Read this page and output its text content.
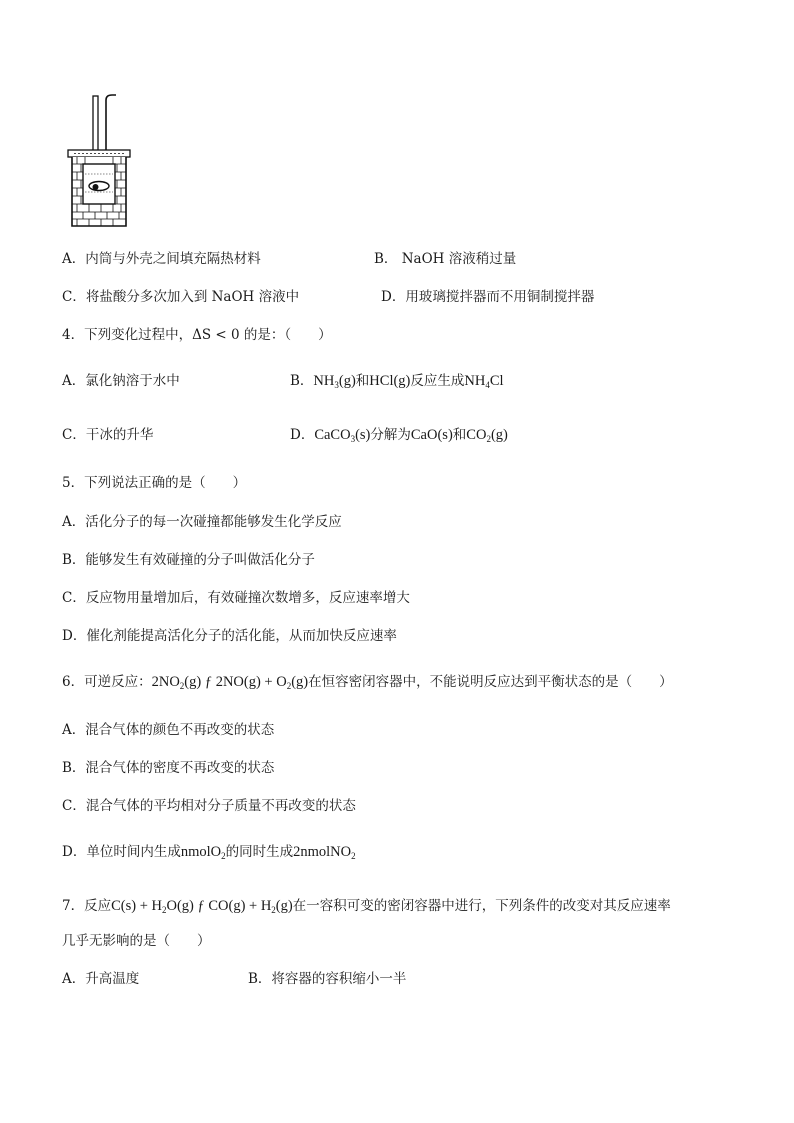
A．内筒与外壳之间填充隔热材料	B． NaOH 溶液稍过量
C．将盐酸分多次加入到 NaOH 溶液中	D．用玻璃搅拌器而不用铜制搅拌器
4．下列变化过程中，ΔS < 0 的是：（　　）
A．氯化钠溶于水中	B．$NH_3(g)$和HCl(g)反应生成$NH_4Cl$
C．干冰的升华	D．CaCO$_3$(s)分解为CaO(s)和$CO_2(g)$
5．下列说法正确的是（　　）
A．活化分子的每一次碰撞都能够发生化学反应
B．能够发生有效碰撞的分子叫做活化分子
C．反应物用量增加后，有效碰撞次数增多，反应速率增大
D．催化剂能提高活化分子的活化能，从而加快反应速率
6．可逆反应：$2NO_2(g)$ ƒ $2NO(g) + O_2(g)$在恒容密闭容器中，不能说明反应达到平衡状态的是（　　）
A．混合气体的颜色不再改变的状态
B．混合气体的密度不再改变的状态
C．混合气体的平均相对分子质量不再改变的状态
D．单位时间内生成nmolO$_2$的同时生成2nmolNO$_2$
7．反应$C(s) + H_2O(g)$ ƒ $CO(g) + H_2(g)$在一容积可变的密闭容器中进行，下列条件的改变对其反应速率
几乎无影响的是（　　）
A．升高温度	B．将容器的容积缩小一半
